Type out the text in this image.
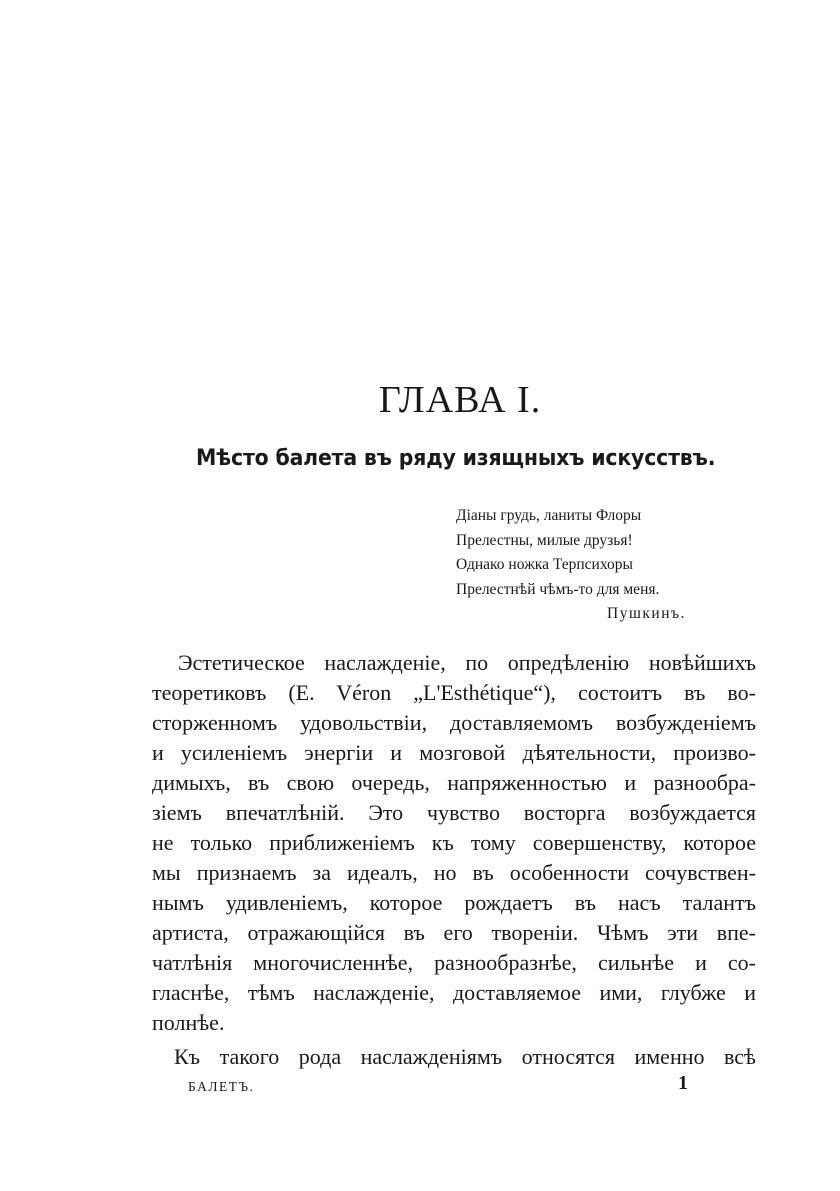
ГЛАВА I.
Мѣсто балета въ ряду изящныхъ искусствъ.
Діаны грудь, ланиты Флоры
Прелестны, милые друзья!
Однако ножка Терпсихоры
Прелестнѣй чѣмъ-то для меня.
Пушкинъ.
Эстетическое наслажденіе, по опредѣленію новѣйшихъ
теоретиковъ (E. Véron „L'Esthétique“), состоитъ въ во-
сторженномъ удовольствіи, доставляемомъ возбужденіемъ
и усиленіемъ энергіи и мозговой дѣятельности, произво-
димыхъ, въ свою очередь, напряженностью и разнообра-
зіемъ впечатлѣній. Это чувство восторга возбуждается
не только приближеніемъ къ тому совершенству, которое
мы признаемъ за идеалъ, но въ особенности сочувствен-
нымъ удивленіемъ, которое рождаетъ въ насъ талантъ
артиста, отражающійся въ его твореніи. Чѣмъ эти впе-
чатлѣнія многочисленнѣе, разнообразнѣе, сильнѣе и со-
гласнѣе, тѣмъ наслажденіе, доставляемое ими, глубже и
полнѣе.
Къ такого рода наслажденіямъ относятся именно всѣ
БАЛЕТЪ.	1
